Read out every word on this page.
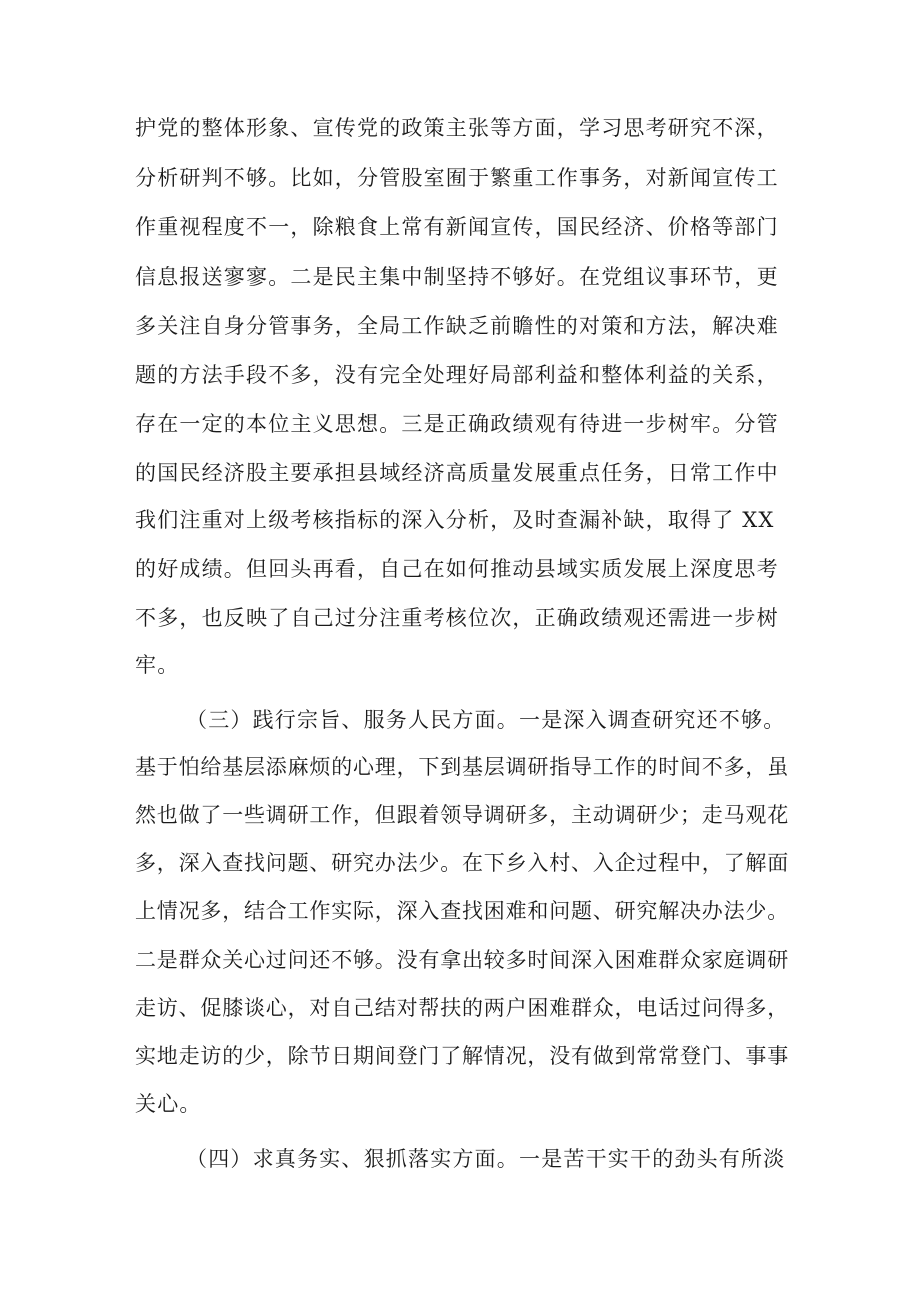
护党的整体形象、宣传党的政策主张等方面，学习思考研究不深，
分析研判不够。比如，分管股室囿于繁重工作事务，对新闻宣传工
作重视程度不一，除粮食上常有新闻宣传，国民经济、价格等部门
信息报送寥寥。二是民主集中制坚持不够好。在党组议事环节，更
多关注自身分管事务，全局工作缺乏前瞻性的对策和方法，解决难
题的方法手段不多，没有完全处理好局部利益和整体利益的关系，
存在一定的本位主义思想。三是正确政绩观有待进一步树牢。分管
的国民经济股主要承担县域经济高质量发展重点任务，日常工作中
我们注重对上级考核指标的深入分析，及时查漏补缺，取得了 XX
的好成绩。但回头再看，自己在如何推动县域实质发展上深度思考
不多，也反映了自己过分注重考核位次，正确政绩观还需进一步树
牢。
（三）践行宗旨、服务人民方面。一是深入调查研究还不够。
基于怕给基层添麻烦的心理，下到基层调研指导工作的时间不多，虽
然也做了一些调研工作，但跟着领导调研多，主动调研少；走马观花
多，深入查找问题、研究办法少。在下乡入村、入企过程中，了解面
上情况多，结合工作实际，深入查找困难和问题、研究解决办法少。
二是群众关心过问还不够。没有拿出较多时间深入困难群众家庭调研
走访、促膝谈心，对自己结对帮扶的两户困难群众，电话过问得多，
实地走访的少，除节日期间登门了解情况，没有做到常常登门、事事
关心。
（四）求真务实、狠抓落实方面。一是苦干实干的劲头有所淡
